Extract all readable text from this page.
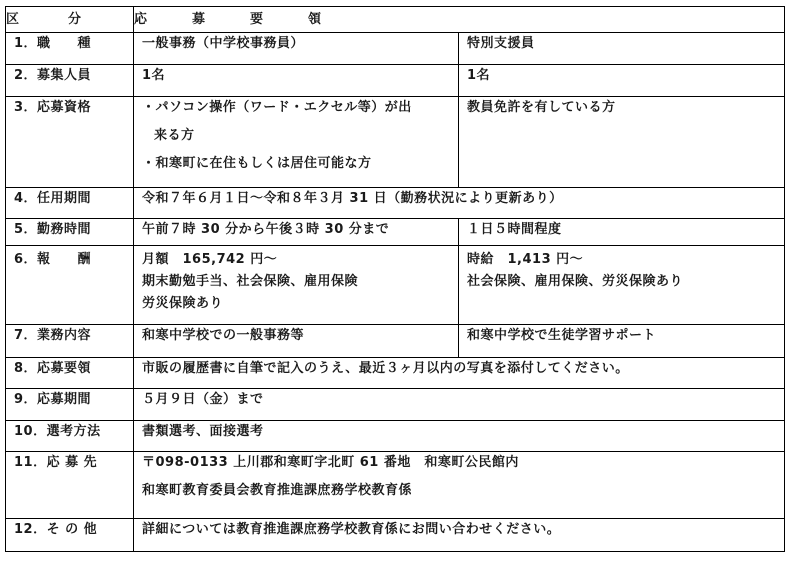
区　分	応　募　要　領	
1．職　　種	一般事務（中学校事務員）	特別支援員
2．募集人員	1名	1名
3．応募資格	・パソコン操作（ワード・エクセル等）が出
来る方
・和寒町に在住もしくは居住可能な方	教員免許を有している方
4．任用期間	令和７年６月１日～令和８年３月 31 日（勤務状況により更新あり）	
5．勤務時間	午前７時 30 分から午後３時 30 分まで	１日５時間程度
6．報　　酬	月額　165,742 円～
期末勤勉手当、社会保険、雇用保険
労災保険あり	時給　1,413 円～
社会保険、雇用保険、労災保険あり

7．業務内容	和寒中学校での一般事務等	和寒中学校で生徒学習サポート
8．応募要領	市販の履歴書に自筆で記入のうえ、最近３ヶ月以内の写真を添付してください。	
9．応募期間	５月９日（金）まで	
10．選考方法	書類選考、面接選考	
11．応 募 先	〒098-0133 上川郡和寒町字北町 61 番地　和寒町公民館内
和寒町教育委員会教育推進課庶務学校教育係	

12．そ の 他	詳細については教育推進課庶務学校教育係にお問い合わせください。	
